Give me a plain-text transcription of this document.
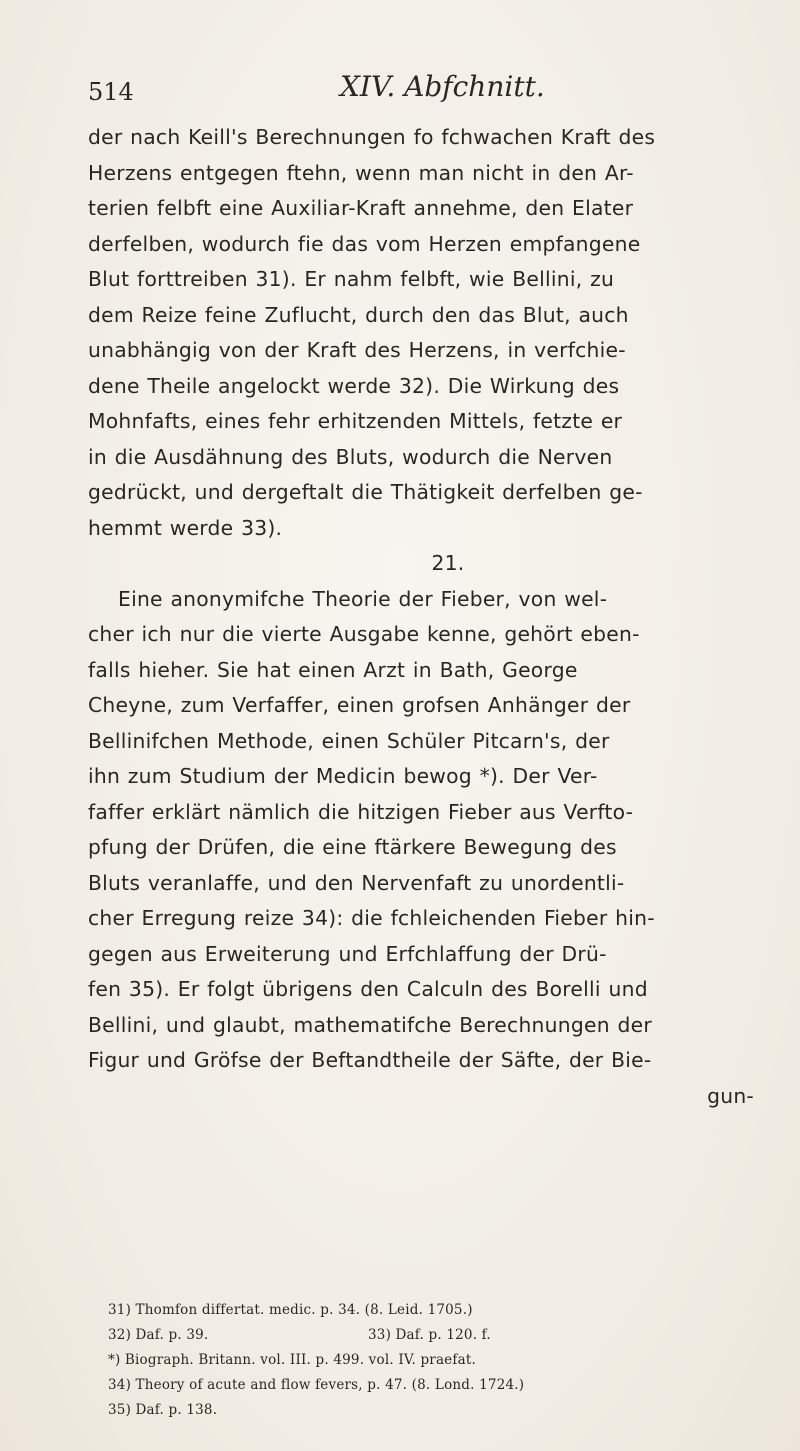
514	XIV. Abfchnitt.

der nach Keill's Berechnungen fo fchwachen Kraft des
Herzens entgegen ftehn, wenn man nicht in den Ar-
terien felbft eine Auxiliar-Kraft annehme, den Elater
derfelben, wodurch fie das vom Herzen empfangene
Blut forttreiben 31). Er nahm felbft, wie Bellini, zu
dem Reize feine Zuflucht, durch den das Blut, auch
unabhängig von der Kraft des Herzens, in verfchie-
dene Theile angelockt werde 32). Die Wirkung des
Mohnfafts, eines fehr erhitzenden Mittels, fetzte er
in die Ausdähnung des Bluts, wodurch die Nerven
gedrückt, und dergeftalt die Thätigkeit derfelben ge-
hemmt werde 33).

21.

Eine anonymifche Theorie der Fieber, von wel-
cher ich nur die vierte Ausgabe kenne, gehört eben-
falls hieher. Sie hat einen Arzt in Bath, George
Cheyne, zum Verfaffer, einen grofsen Anhänger der
Bellinifchen Methode, einen Schüler Pitcarn's, der
ihn zum Studium der Medicin bewog *). Der Ver-
faffer erklärt nämlich die hitzigen Fieber aus Verfto-
pfung der Drüfen, die eine ftärkere Bewegung des
Bluts veranlaffe, und den Nervenfaft zu unordentli-
cher Erregung reize 34): die fchleichenden Fieber hin-
gegen aus Erweiterung und Erfchlaffung der Drü-
fen 35). Er folgt übrigens den Calculn des Borelli und
Bellini, und glaubt, mathematifche Berechnungen der
Figur und Gröfse der Beftandtheile der Säfte, der Bie-

gun-
31) Thomfon differtat. medic. p. 34. (8. Leid. 1705.)
32) Daf. p. 39.	33) Daf. p. 120. f.
*) Biograph. Britann. vol. III. p. 499. vol. IV. praefat.
34) Theory of acute and flow fevers, p. 47. (8. Lond. 1724.)
35) Daf. p. 138.
